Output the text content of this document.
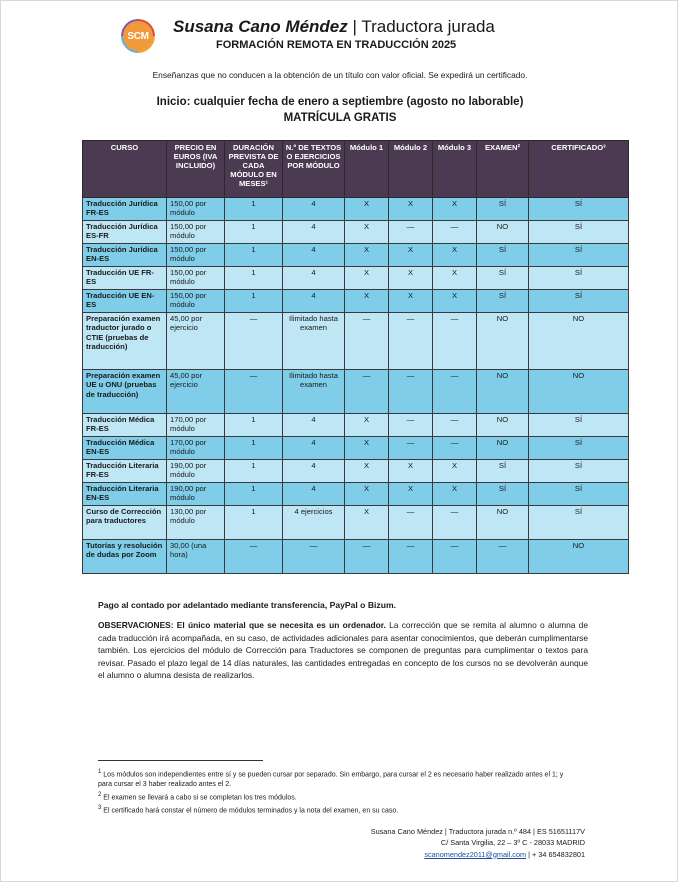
SCM Susana Cano Méndez | Traductora jurada
FORMACIÓN REMOTA EN TRADUCCIÓN 2025
Enseñanzas que no conducen a la obtención de un título con valor oficial. Se expedirá un certificado.
Inicio: cualquier fecha de enero a septiembre (agosto no laborable)
MATRÍCULA GRATIS
CURSO	PRECIO EN EUROS (IVA INCLUIDO)	DURACIÓN PREVISTA DE CADA MÓDULO EN MESES¹	N.º DE TEXTOS O EJERCICIOS POR MÓDULO	Módulo 1	Módulo 2	Módulo 3	EXAMEN²	CERTIFICADO³
Traducción Jurídica FR-ES	150,00 por módulo	1	4	X	X	X	SÍ	SÍ
Traducción Jurídica ES-FR	150,00 por módulo	1	4	X	—	—	NO	SÍ
Traducción Jurídica EN-ES	150,00 por módulo	1	4	X	X	X	SÍ	SÍ
Traducción UE FR-ES	150,00 por módulo	1	4	X	X	X	SÍ	SÍ
Traducción UE EN-ES	150,00 por módulo	1	4	X	X	X	SÍ	SÍ
Preparación examen traductor jurado o CTIE (pruebas de traducción)	45,00 por ejercicio	—	Ilimitado hasta examen	—	—	—	NO	NO
Preparación examen UE u ONU (pruebas de traducción)	45,00 por ejercicio	—	Ilimitado hasta examen	—	—	—	NO	NO
Traducción Médica FR-ES	170,00 por módulo	1	4	X	—	—	NO	SÍ
Traducción Médica EN-ES	170,00 por módulo	1	4	X	—	—	NO	SÍ
Traducción Literaria FR-ES	190,00 por módulo	1	4	X	X	X	SÍ	SÍ
Traducción Literaria EN-ES	190,00 por módulo	1	4	X	X	X	SÍ	SÍ
Curso de Corrección para traductores	130,00 por módulo	1	4 ejercicios	X	—	—	NO	SÍ
Tutorías y resolución de dudas por Zoom	30,00 (una hora)	—	—	—	—	—	—	NO
Pago al contado por adelantado mediante transferencia, PayPal o Bizum.
OBSERVACIONES: El único material que se necesita es un ordenador. La corrección que se remita al alumno o alumna de cada traducción irá acompañada, en su caso, de actividades adicionales para asentar conocimientos, que deberán cumplimentarse también. Los ejercicios del módulo de Corrección para Traductores se componen de preguntas para cumplimentar o textos para revisar. Pasado el plazo legal de 14 días naturales, las cantidades entregadas en concepto de los cursos no se devolverán aunque el alumno o alumna desista de realizarlos.

$^1$ Los módulos son independientes entre sí y se pueden cursar por separado. Sin embargo, para cursar el 2 es necesario haber realizado antes el 1; y para cursar el 3 haber realizado antes el 2.

$^2$ El examen se llevará a cabo si se completan los tres módulos.

$^3$ El certificado hará constar el número de módulos terminados y la nota del examen, en su caso.

Susana Cano Méndez | Traductora jurada n.º 484 | ES 51651117V
C/ Santa Virgilia, 22 – 3º C - 28033 MADRID
scanomendez2011@gmail.com | + 34 654832801
